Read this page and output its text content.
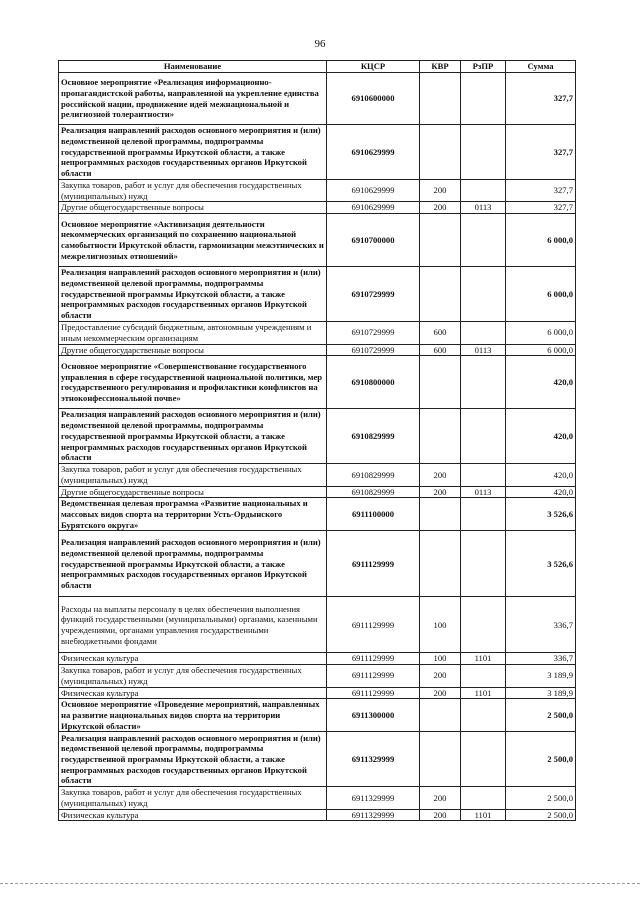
96
Наименование	КЦСР	КВР	РзПР	Сумма
Основное мероприятие «Реализация информационно-пропагандистской работы, направленной на укрепление единства российской нации, продвижение идей межнациональной и религиозной толерантности»	6910600000			327,7
Реализация направлений расходов основного мероприятия и (или) ведомственной целевой программы, подпрограммы государственной программы Иркутской области, а также непрограммных расходов государственных органов Иркутской области	6910629999			327,7
Закупка товаров, работ и услуг для обеспечения государственных (муниципальных) нужд	6910629999	200		327,7
Другие общегосударственные вопросы	6910629999	200	0113	327,7
Основное мероприятие «Активизация деятельности некоммерческих организаций по сохранению национальной самобытности Иркутской области, гармонизации межэтнических и межрелигиозных отношений»	6910700000			6 000,0
Реализация направлений расходов основного мероприятия и (или) ведомственной целевой программы, подпрограммы государственной программы Иркутской области, а также непрограммных расходов государственных органов Иркутской области	6910729999			6 000,0
Предоставление субсидий бюджетным, автономным учреждениям и иным некоммерческим организациям	6910729999	600		6 000,0
Другие общегосударственные вопросы	6910729999	600	0113	6 000,0
Основное мероприятие «Совершенствование государственного управления в сфере государственной национальной политики, мер государственного регулирования и профилактики конфликтов на этноконфессиональной почве»	6910800000			420,0
Реализация направлений расходов основного мероприятия и (или) ведомственной целевой программы, подпрограммы государственной программы Иркутской области, а также непрограммных расходов государственных органов Иркутской области	6910829999			420,0
Закупка товаров, работ и услуг для обеспечения государственных (муниципальных) нужд	6910829999	200		420,0
Другие общегосударственные вопросы	6910829999	200	0113	420,0
Ведомственная целевая программа «Развитие национальных и массовых видов спорта на территории Усть-Ордынского Бурятского округа»	6911100000			3 526,6
Реализация направлений расходов основного мероприятия и (или) ведомственной целевой программы, подпрограммы государственной программы Иркутской области, а также непрограммных расходов государственных органов Иркутской области	6911129999			3 526,6
Расходы на выплаты персоналу в целях обеспечения выполнения функций государственными (муниципальными) органами, казенными учреждениями, органами управления государственными внебюджетными фондами	6911129999	100		336,7
Физическая культура	6911129999	100	1101	336,7
Закупка товаров, работ и услуг для обеспечения государственных (муниципальных) нужд	6911129999	200		3 189,9
Физическая культура	6911129999	200	1101	3 189,9
Основное мероприятие «Проведение мероприятий, направленных на развитие национальных видов спорта на территории Иркутской области»	6911300000			2 500,0
Реализация направлений расходов основного мероприятия и (или) ведомственной целевой программы, подпрограммы государственной программы Иркутской области, а также непрограммных расходов государственных органов Иркутской области	6911329999			2 500,0
Закупка товаров, работ и услуг для обеспечения государственных (муниципальных) нужд	6911329999	200		2 500,0
Физическая культура	6911329999	200	1101	2 500,0
